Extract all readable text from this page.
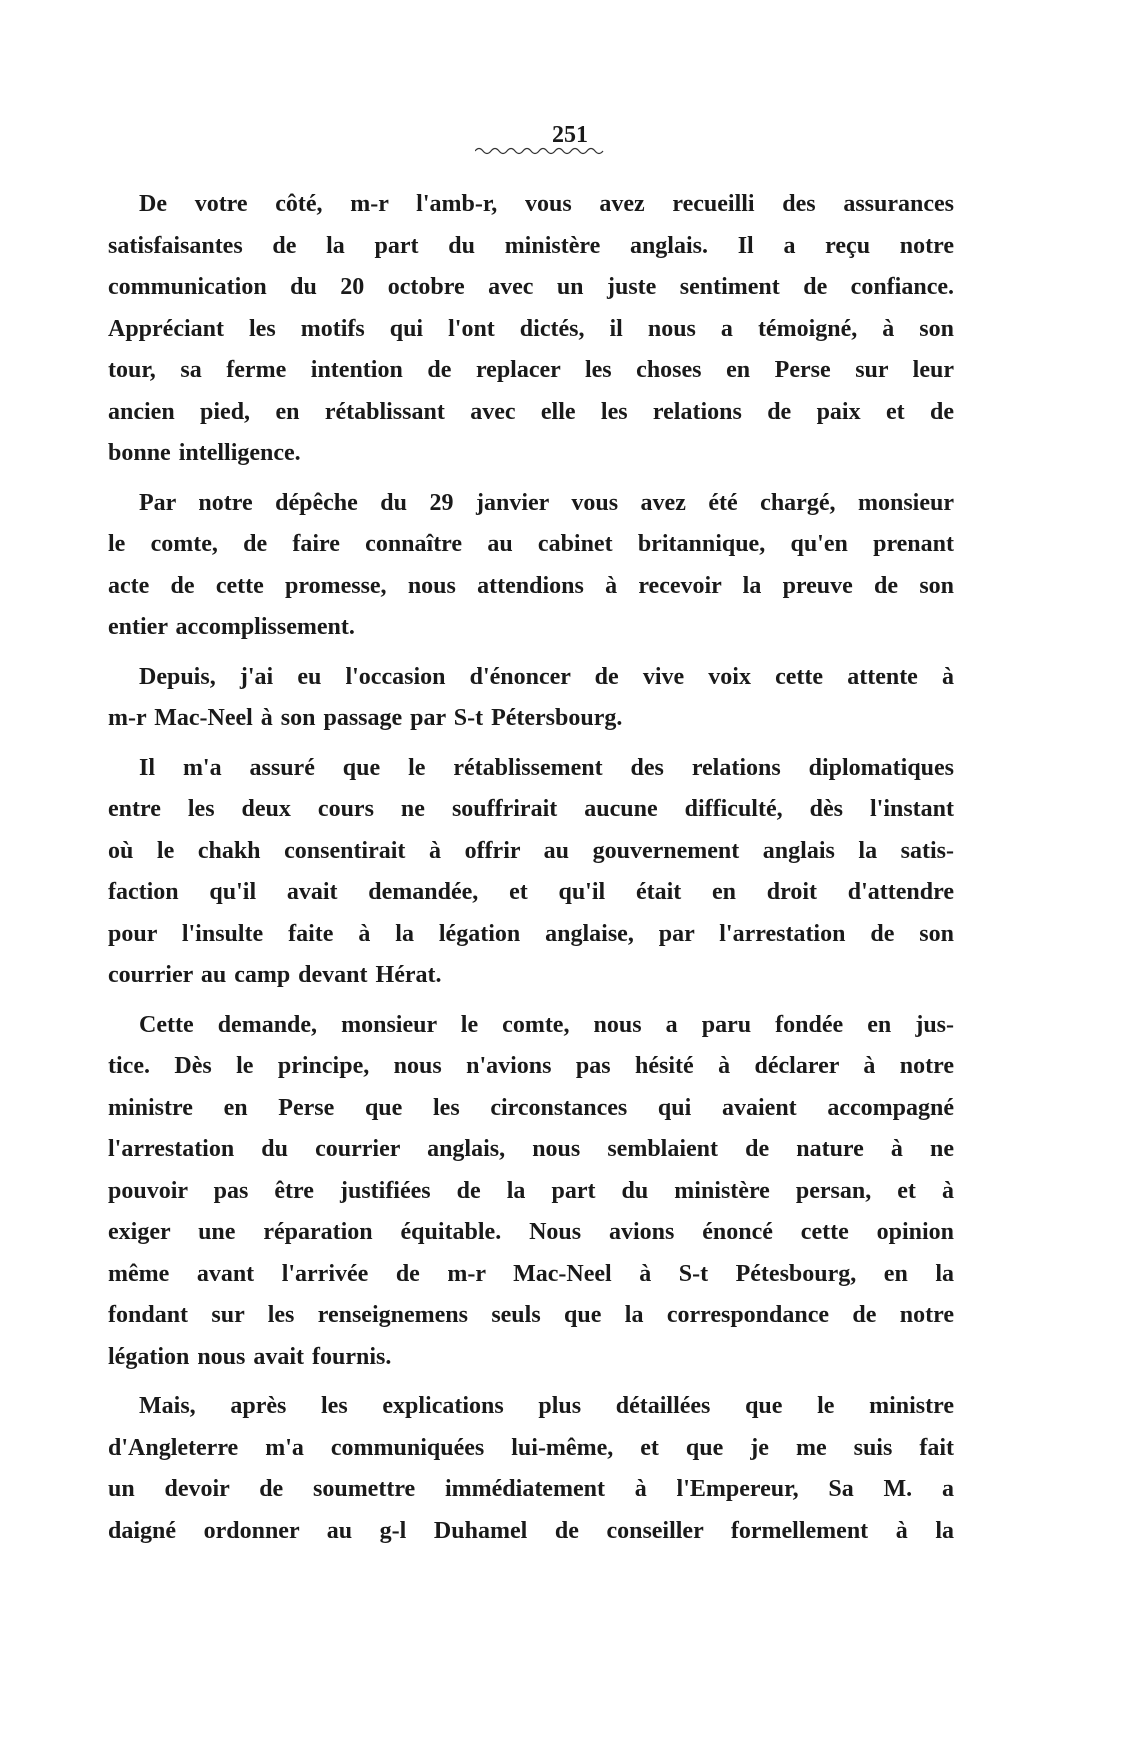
251
De votre côté, m-r l'amb-r, vous avez recueilli des assurances
satisfaisantes de la part du ministère anglais. Il a reçu notre
communication du 20 octobre avec un juste sentiment de confiance.
Appréciant les motifs qui l'ont dictés, il nous a témoigné, à son
tour, sa ferme intention de replacer les choses en Perse sur leur
ancien pied, en rétablissant avec elle les relations de paix et de
bonne intelligence.
Par notre dépêche du 29 janvier vous avez été chargé, monsieur
le comte, de faire connaître au cabinet britannique, qu'en prenant
acte de cette promesse, nous attendions à recevoir la preuve de son
entier accomplissement.
Depuis, j'ai eu l'occasion d'énoncer de vive voix cette attente à
m-r Mac-Neel à son passage par S-t Pétersbourg.
Il m'a assuré que le rétablissement des relations diplomatiques
entre les deux cours ne souffrirait aucune difficulté, dès l'instant
où le chakh consentirait à offrir au gouvernement anglais la satis-
faction qu'il avait demandée, et qu'il était en droit d'attendre
pour l'insulte faite à la légation anglaise, par l'arrestation de son
courrier au camp devant Hérat.
Cette demande, monsieur le comte, nous a paru fondée en jus-
tice. Dès le principe, nous n'avions pas hésité à déclarer à notre
ministre en Perse que les circonstances qui avaient accompagné
l'arrestation du courrier anglais, nous semblaient de nature à ne
pouvoir pas être justifiées de la part du ministère persan, et à
exiger une réparation équitable. Nous avions énoncé cette opinion
même avant l'arrivée de m-r Mac-Neel à S-t Pétesbourg, en la
fondant sur les renseignemens seuls que la correspondance de notre
légation nous avait fournis.
Mais, après les explications plus détaillées que le ministre
d'Angleterre m'a communiquées lui-même, et que je me suis fait
un devoir de soumettre immédiatement à l'Empereur, Sa M. a
daigné ordonner au g-l Duhamel de conseiller formellement à la
